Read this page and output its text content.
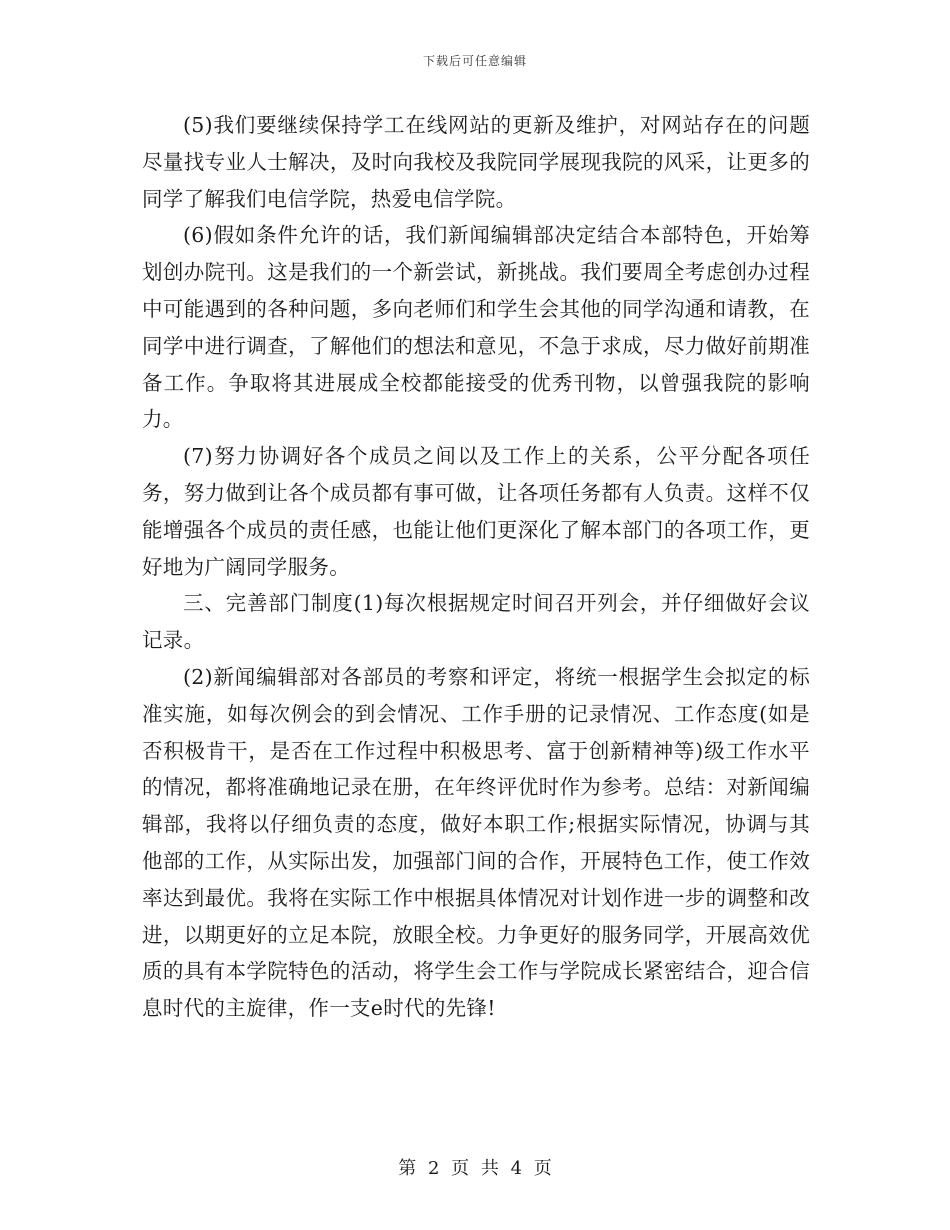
下载后可任意编辑

(5)我们要继续保持学工在线网站的更新及维护，对网站存在的问题尽量找专业人士解决，及时向我校及我院同学展现我院的风采，让更多的同学了解我们电信学院，热爱电信学院。

(6)假如条件允许的话，我们新闻编辑部决定结合本部特色，开始筹划创办院刊。这是我们的一个新尝试，新挑战。我们要周全考虑创办过程中可能遇到的各种问题，多向老师们和学生会其他的同学沟通和请教，在同学中进行调查，了解他们的想法和意见，不急于求成，尽力做好前期准备工作。争取将其进展成全校都能接受的优秀刊物，以曾强我院的影响力。

(7)努力协调好各个成员之间以及工作上的关系，公平分配各项任务，努力做到让各个成员都有事可做，让各项任务都有人负责。这样不仅能增强各个成员的责任感，也能让他们更深化了解本部门的各项工作，更好地为广阔同学服务。

三、完善部门制度(1)每次根据规定时间召开列会，并仔细做好会议记录。

(2)新闻编辑部对各部员的考察和评定，将统一根据学生会拟定的标准实施，如每次例会的到会情况、工作手册的记录情况、工作态度(如是否积极肯干，是否在工作过程中积极思考、富于创新精神等)级工作水平的情况，都将准确地记录在册，在年终评优时作为参考。总结：对新闻编辑部，我将以仔细负责的态度，做好本职工作;根据实际情况，协调与其他部的工作，从实际出发，加强部门间的合作，开展特色工作，使工作效率达到最优。我将在实际工作中根据具体情况对计划作进一步的调整和改进，以期更好的立足本院，放眼全校。力争更好的服务同学，开展高效优质的具有本学院特色的活动，将学生会工作与学院成长紧密结合，迎合信息时代的主旋律，作一支e时代的先锋!

第 2 页 共 4 页
